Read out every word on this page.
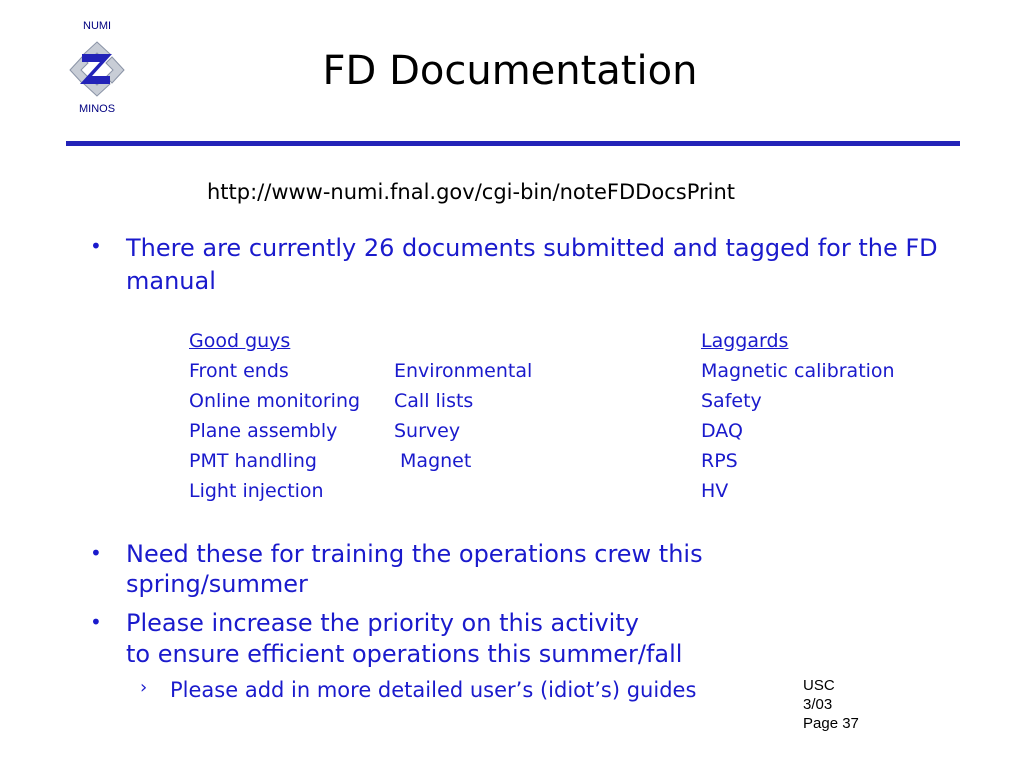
NUMI
MINOS
FD Documentation
http://www-numi.fnal.gov/cgi-bin/noteFDDocsPrint
• There are currently 26 documents submitted and tagged for the FD manual
Good guys
Front ends
Online monitoring
Plane assembly
PMT handling
Light injection
Environmental
Call lists
Survey
Magnet
Laggards
Magnetic calibration
Safety
DAQ
RPS
HV
• Need these for training the operations crew this spring/summer
• Please increase the priority on this activity
to ensure efficient operations this summer/fall
› Please add in more detailed user’s (idiot’s) guides	USC
3/03
Page 37
